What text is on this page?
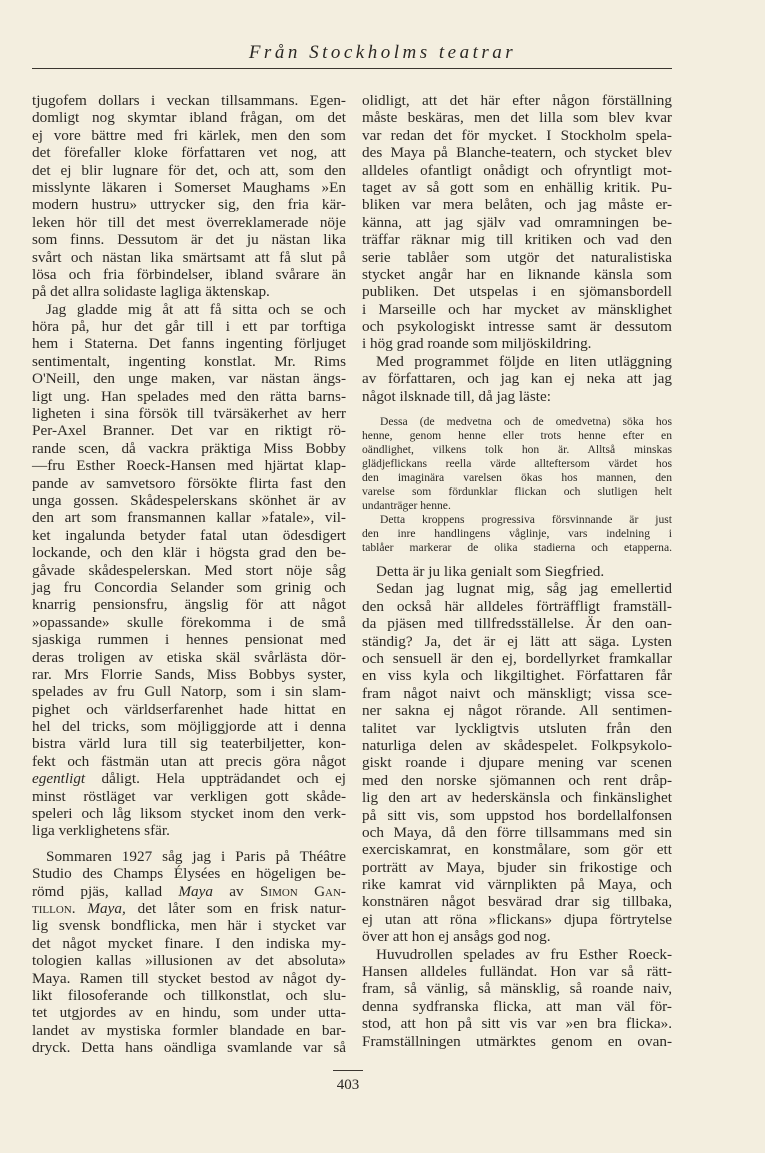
Från Stockholms teatrar
tjugofem dollars i veckan tillsammans. Egen-
domligt nog skymtar ibland frågan, om det
ej vore bättre med fri kärlek, men den som
det förefaller kloke författaren vet nog, att
det ej blir lugnare för det, och att, som den
misslynte läkaren i Somerset Maughams »En
modern hustru» uttrycker sig, den fria kär-
leken hör till det mest överreklamerade nöje
som finns. Dessutom är det ju nästan lika
svårt och nästan lika smärtsamt att få slut på
lösa och fria förbindelser, ibland svårare än
på det allra solidaste lagliga äktenskap.
Jag gladde mig åt att få sitta och se och
höra på, hur det går till i ett par torftiga
hem i Staterna. Det fanns ingenting förljuget
sentimentalt, ingenting konstlat. Mr. Rims
O'Neill, den unge maken, var nästan ängs-
ligt ung. Han spelades med den rätta barns-
ligheten i sina försök till tvärsäkerhet av herr
Per-Axel Branner. Det var en riktigt rö-
rande scen, då vackra präktiga Miss Bobby
—fru Esther Roeck-Hansen med hjärtat klap-
pande av samvetsoro försökte flirta fast den
unga gossen. Skådespelerskans skönhet är av
den art som fransmannen kallar »fatale», vil-
ket ingalunda betyder fatal utan ödesdigert
lockande, och den klär i högsta grad den be-
gåvade skådespelerskan. Med stort nöje såg
jag fru Concordia Selander som grinig och
knarrig pensionsfru, ängslig för att något
»opassande» skulle förekomma i de små
sjaskiga rummen i hennes pensionat med
deras troligen av etiska skäl svårlästa dör-
rar. Mrs Florrie Sands, Miss Bobbys syster,
spelades av fru Gull Natorp, som i sin slam-
pighet och världserfarenhet hade hittat en
hel del tricks, som möjliggjorde att i denna
bistra värld lura till sig teaterbiljetter, kon-
fekt och fästmän utan att precis göra något
egentligt dåligt. Hela uppträdandet och ej
minst röstläget var verkligen gott skåde-
speleri och låg liksom stycket inom den verk-
liga verklighetens sfär.
Sommaren 1927 såg jag i Paris på Théâtre
Studio des Champs Élysées en högeligen be-
römd pjäs, kallad Maya av Simon Gan-
tillon. Maya, det låter som en frisk natur-
lig svensk bondflicka, men här i stycket var
det något mycket finare. I den indiska my-
tologien kallas »illusionen av det absoluta»
Maya. Ramen till stycket bestod av något dy-
likt filosoferande och tillkonstlat, och slu-
tet utgjordes av en hindu, som under utta-
landet av mystiska formler blandade en bar-
dryck. Detta hans oändliga svamlande var så
olidligt, att det här efter någon förställning
måste beskäras, men det lilla som blev kvar
var redan det för mycket. I Stockholm spela-
des Maya på Blanche-teatern, och stycket blev
alldeles ofantligt onådigt och ofryntligt mot-
taget av så gott som en enhällig kritik. Pu-
bliken var mera belåten, och jag måste er-
känna, att jag själv vad omramningen be-
träffar räknar mig till kritiken och vad den
serie tablåer som utgör det naturalistiska
stycket angår har en liknande känsla som
publiken. Det utspelas i en sjömansbordell
i Marseille och har mycket av mänsklighet
och psykologiskt intresse samt är dessutom
i hög grad roande som miljöskildring.
Med programmet följde en liten utläggning
av författaren, och jag kan ej neka att jag
något ilsknade till, då jag läste:
Dessa (de medvetna och de omedvetna) söka hos
henne, genom henne eller trots henne efter en
oändlighet, vilkens tolk hon är. Alltså minskas
glädjeflickans reella värde allteftersom värdet hos
den imaginära varelsen ökas hos mannen, den
varelse som fördunklar flickan och slutligen helt
undanträger henne.
Detta kroppens progressiva försvinnande är just
den inre handlingens våglinje, vars indelning i
tablåer markerar de olika stadierna och etapperna.
Detta är ju lika genialt som Siegfried.
Sedan jag lugnat mig, såg jag emellertid
den också här alldeles förträffligt framställ-
da pjäsen med tillfredsställelse. Är den oan-
ständig? Ja, det är ej lätt att säga. Lysten
och sensuell är den ej, bordellyrket framkallar
en viss kyla och likgiltighet. Författaren får
fram något naivt och mänskligt; vissa sce-
ner sakna ej något rörande. All sentimen-
talitet var lyckligtvis utsluten från den
naturliga delen av skådespelet. Folkpsykolo-
giskt roande i djupare mening var scenen
med den norske sjömannen och rent dråp-
lig den art av hederskänsla och finkänslighet
på sitt vis, som uppstod hos bordellalfonsen
och Maya, då den förre tillsammans med sin
exerciskamrat, en konstmålare, som gör ett
porträtt av Maya, bjuder sin frikostige och
rike kamrat vid värnplikten på Maya, och
konstnären något besvärad drar sig tillbaka,
ej utan att röna »flickans» djupa förtrytelse
över att hon ej ansågs god nog.
Huvudrollen spelades av fru Esther Roeck-
Hansen alldeles fulländat. Hon var så rätt-
fram, så vänlig, så mänsklig, så roande naiv,
denna sydfranska flicka, att man väl för-
stod, att hon på sitt vis var »en bra flicka».
Framställningen utmärktes genom en ovan-
403
